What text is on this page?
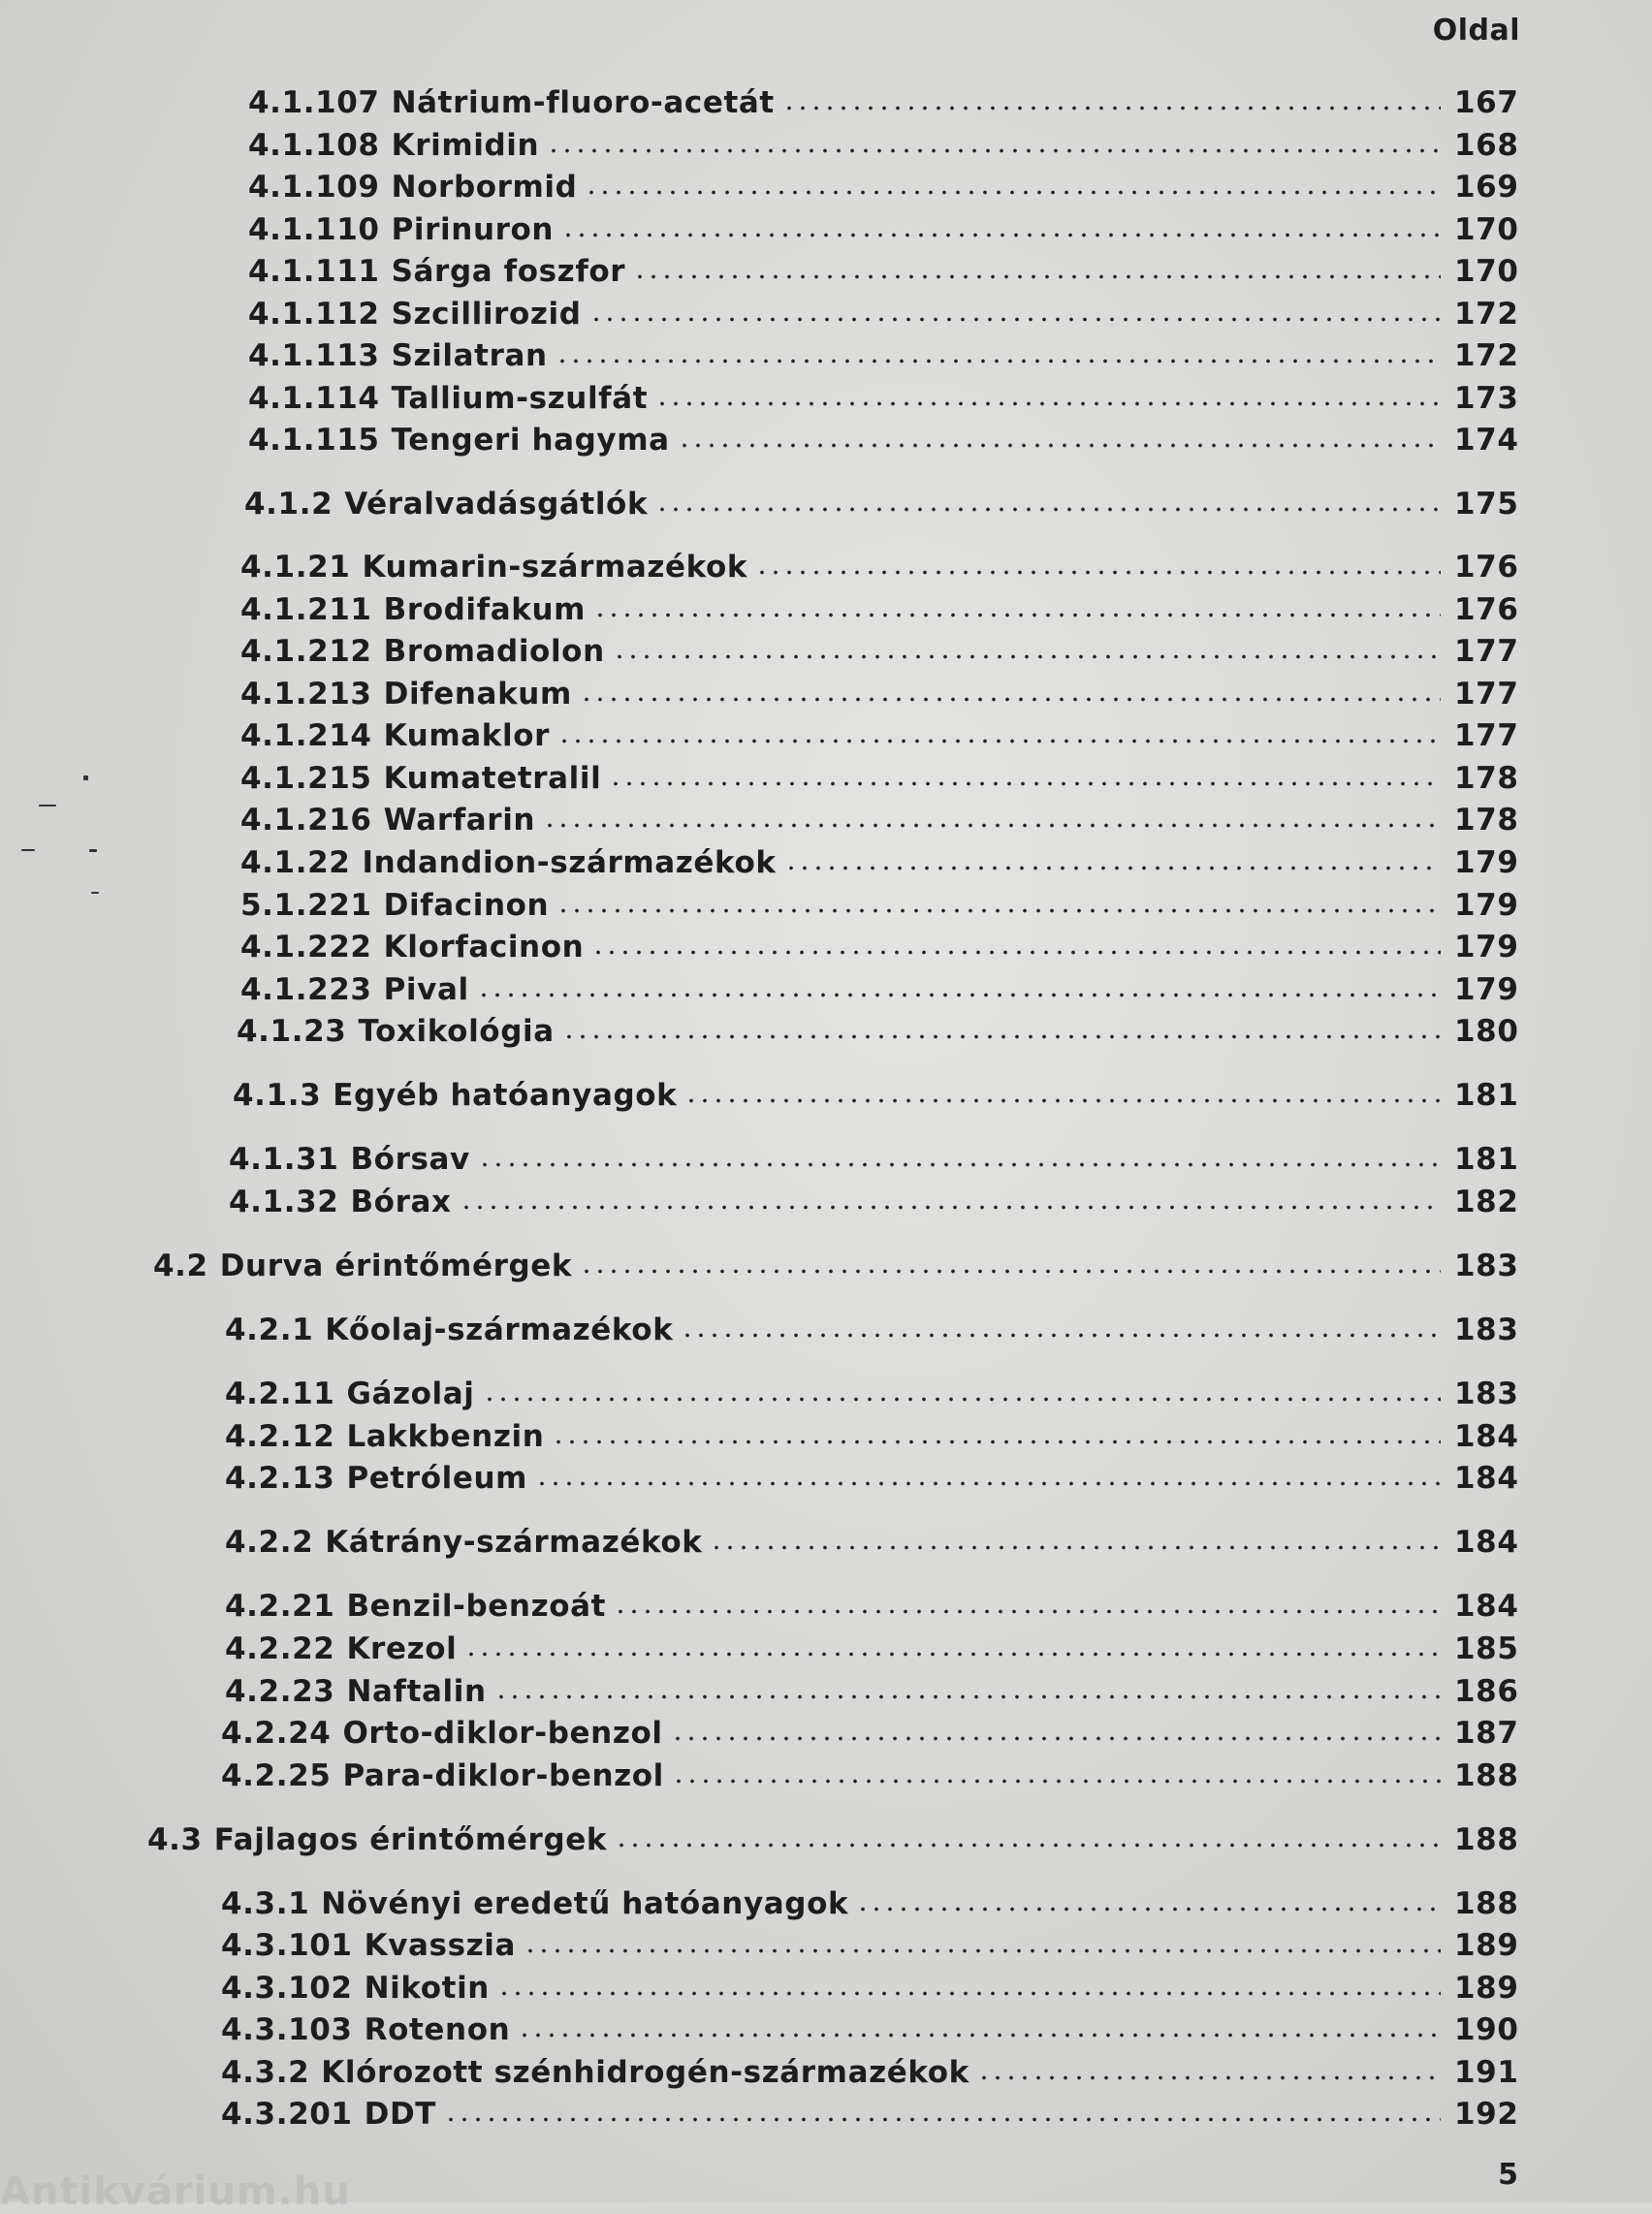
Oldal
4.1.107 Nátrium-fluoro-acetát	167
4.1.108 Krimidin	168
4.1.109 Norbormid	169
4.1.110 Pirinuron	170
4.1.111 Sárga foszfor	170
4.1.112 Szcillirozid	172
4.1.113 Szilatran	172
4.1.114 Tallium-szulfát	173
4.1.115 Tengeri hagyma	174
4.1.2 Véralvadásgátlók	175
4.1.21 Kumarin-származékok	176
4.1.211 Brodifakum	176
4.1.212 Bromadiolon	177
4.1.213 Difenakum	177
4.1.214 Kumaklor	177
4.1.215 Kumatetralil	178
4.1.216 Warfarin	178
4.1.22 Indandion-származékok	179
5.1.221 Difacinon	179
4.1.222 Klorfacinon	179
4.1.223 Pival	179
4.1.23 Toxikológia	180
4.1.3 Egyéb hatóanyagok	181
4.1.31 Bórsav	181
4.1.32 Bórax	182
4.2 Durva érintőmérgek	183
4.2.1 Kőolaj-származékok	183
4.2.11 Gázolaj	183
4.2.12 Lakkbenzin	184
4.2.13 Petróleum	184
4.2.2 Kátrány-származékok	184
4.2.21 Benzil-benzoát	184
4.2.22 Krezol	185
4.2.23 Naftalin	186
4.2.24 Orto-diklor-benzol	187
4.2.25 Para-diklor-benzol	188
4.3 Fajlagos érintőmérgek	188
4.3.1 Növényi eredetű hatóanyagok	188
4.3.101 Kvasszia	189
4.3.102 Nikotin	189
4.3.103 Rotenon	190
4.3.2 Klórozott szénhidrogén-származékok	191
4.3.201 DDT	192
5
Antikvárium.hu
